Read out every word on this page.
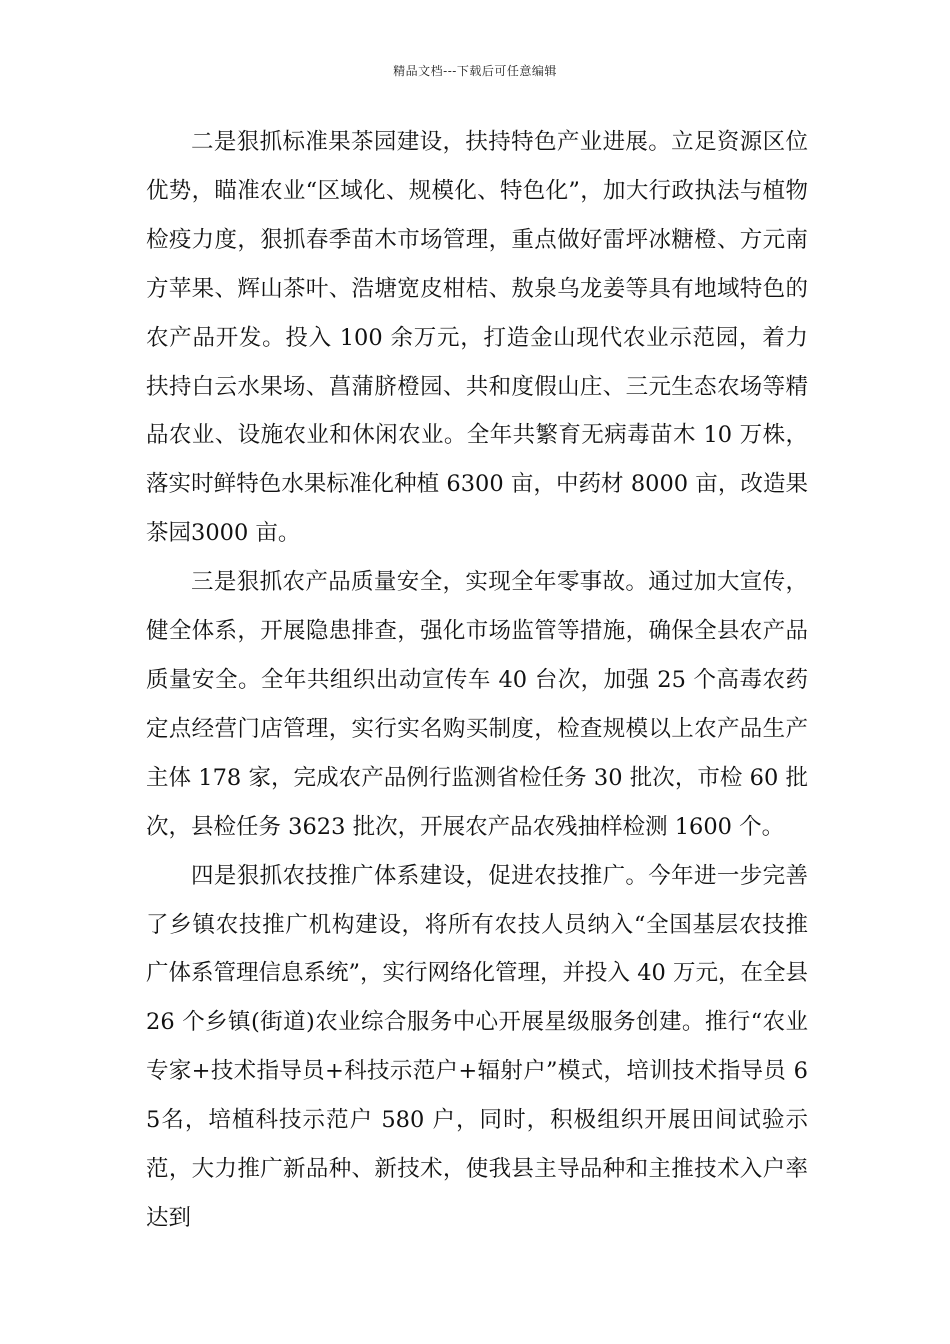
精品文档---下载后可任意编辑

二是狠抓标准果茶园建设，扶持特色产业进展。立足资源区位优势，瞄准农业“区域化、规模化、特色化”，加大行政执法与植物检疫力度，狠抓春季苗木市场管理，重点做好雷坪冰糖橙、方元南方苹果、辉山茶叶、浩塘宽皮柑桔、敖泉乌龙姜等具有地域特色的农产品开发。投入 100 余万元，打造金山现代农业示范园，着力扶持白云水果场、菖蒲脐橙园、共和度假山庄、三元生态农场等精品农业、设施农业和休闲农业。全年共繁育无病毒苗木 10 万株，落实时鲜特色水果标准化种植 6300 亩，中药材 8000 亩，改造果茶园3000 亩。

三是狠抓农产品质量安全，实现全年零事故。通过加大宣传，健全体系，开展隐患排查，强化市场监管等措施，确保全县农产品质量安全。全年共组织出动宣传车 40 台次，加强 25 个高毒农药定点经营门店管理，实行实名购买制度，检查规模以上农产品生产主体 178 家，完成农产品例行监测省检任务 30 批次，市检 60 批次，县检任务 3623 批次，开展农产品农残抽样检测 1600 个。

四是狠抓农技推广体系建设，促进农技推广。今年进一步完善了乡镇农技推广机构建设，将所有农技人员纳入“全国基层农技推广体系管理信息系统”，实行网络化管理，并投入 40 万元，在全县26 个乡镇(街道)农业综合服务中心开展星级服务创建。推行“农业专家+技术指导员+科技示范户+辐射户”模式，培训技术指导员 65名，培植科技示范户 580 户，同时，积极组织开展田间试验示范，大力推广新品种、新技术，使我县主导品种和主推技术入户率达到
